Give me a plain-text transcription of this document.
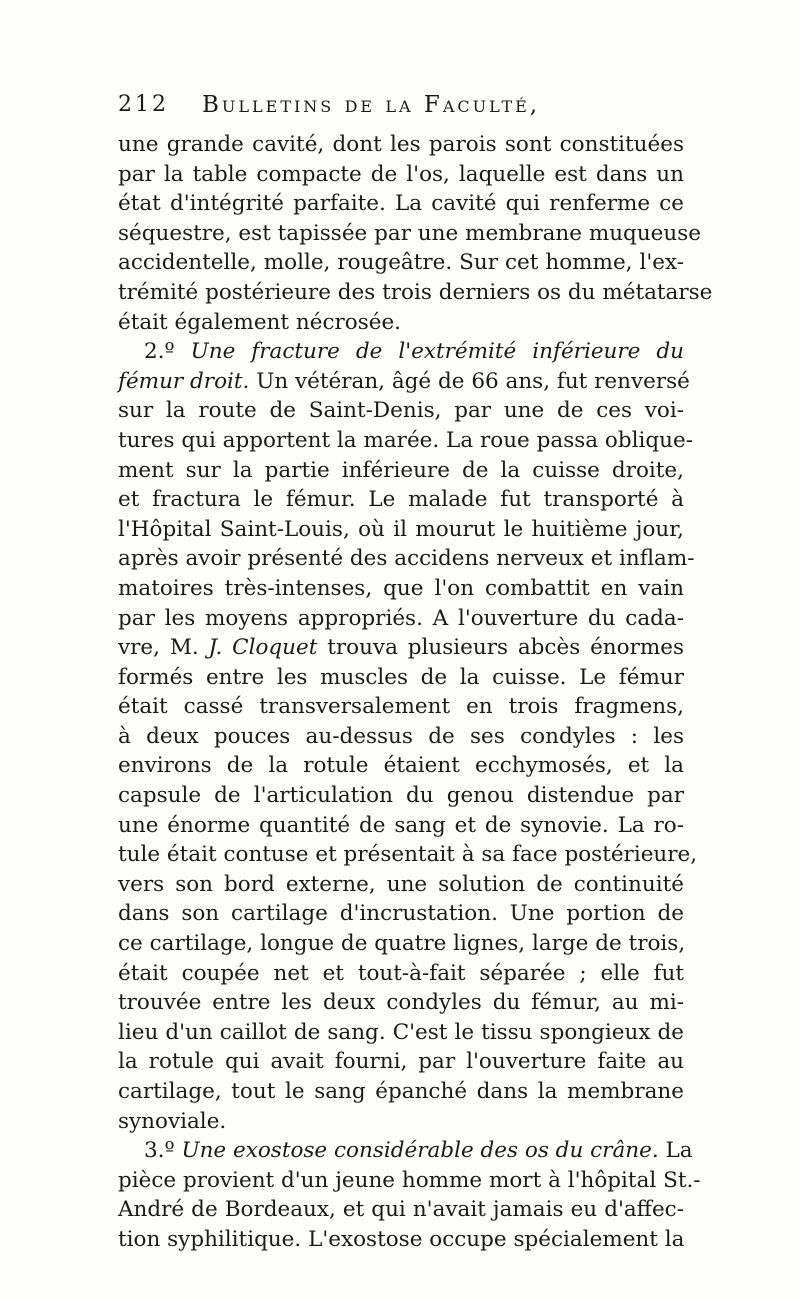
212 Bulletins de la Faculté,
une grande cavité, dont les parois sont constituées
par la table compacte de l'os, laquelle est dans un
état d'intégrité parfaite. La cavité qui renferme ce
séquestre, est tapissée par une membrane muqueuse
accidentelle, molle, rougeâtre. Sur cet homme, l'ex-
trémité postérieure des trois derniers os du métatarse
était également nécrosée.
2.º Une fracture de l'extrémité inférieure du
fémur droit. Un vétéran, âgé de 66 ans, fut renversé
sur la route de Saint-Denis, par une de ces voi-
tures qui apportent la marée. La roue passa oblique-
ment sur la partie inférieure de la cuisse droite,
et fractura le fémur. Le malade fut transporté à
l'Hôpital Saint-Louis, où il mourut le huitième jour,
après avoir présenté des accidens nerveux et inflam-
matoires très-intenses, que l'on combattit en vain
par les moyens appropriés. A l'ouverture du cada-
vre, M. J. Cloquet trouva plusieurs abcès énormes
formés entre les muscles de la cuisse. Le fémur
était cassé transversalement en trois fragmens,
à deux pouces au-dessus de ses condyles : les
environs de la rotule étaient ecchymosés, et la
capsule de l'articulation du genou distendue par
une énorme quantité de sang et de synovie. La ro-
tule était contuse et présentait à sa face postérieure,
vers son bord externe, une solution de continuité
dans son cartilage d'incrustation. Une portion de
ce cartilage, longue de quatre lignes, large de trois,
était coupée net et tout-à-fait séparée ; elle fut
trouvée entre les deux condyles du fémur, au mi-
lieu d'un caillot de sang. C'est le tissu spongieux de
la rotule qui avait fourni, par l'ouverture faite au
cartilage, tout le sang épanché dans la membrane
synoviale.
3.º Une exostose considérable des os du crâne. La
pièce provient d'un jeune homme mort à l'hôpital St.-
André de Bordeaux, et qui n'avait jamais eu d'affec-
tion syphilitique. L'exostose occupe spécialement la
